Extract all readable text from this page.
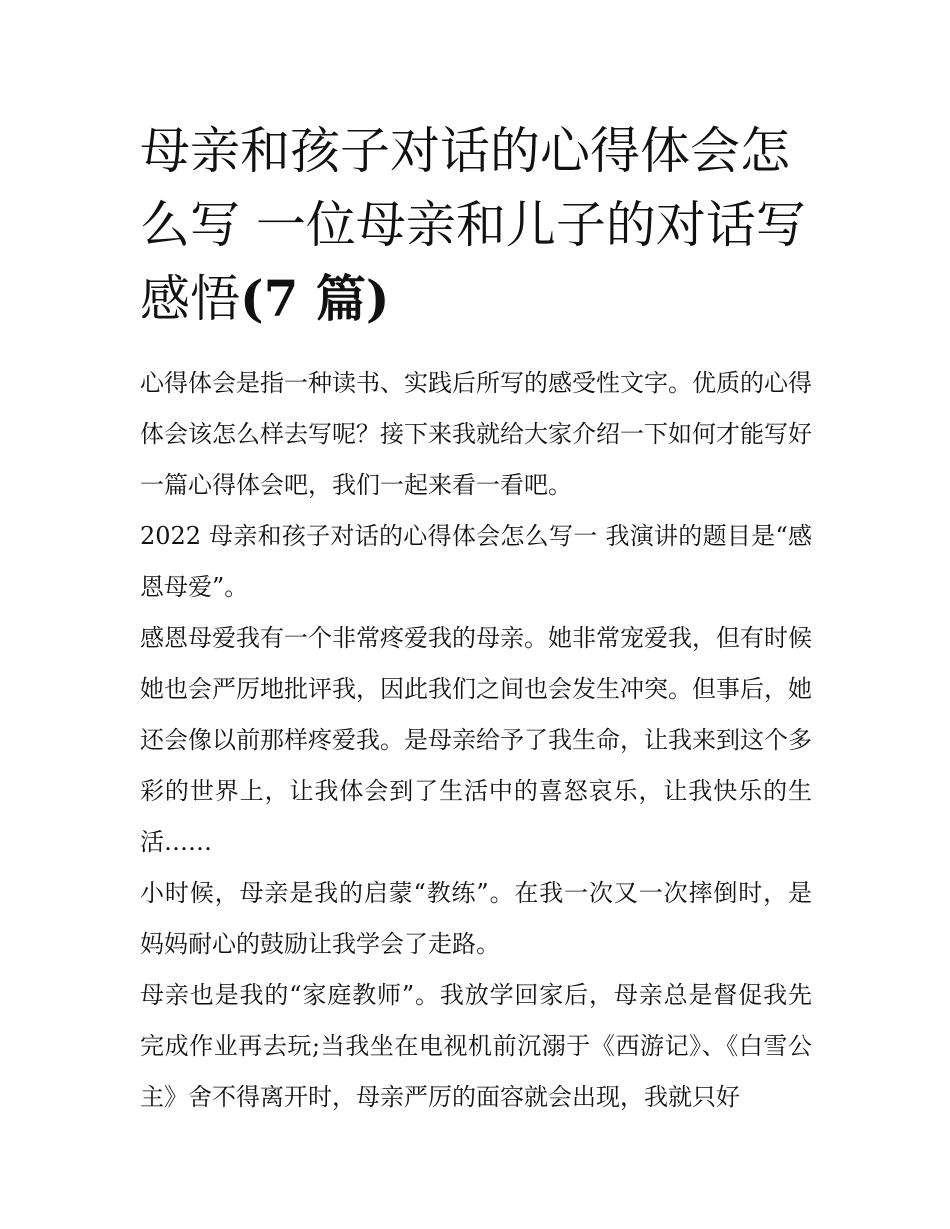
母亲和孩子对话的心得体会怎
么写 一位母亲和儿子的对话写
感悟(7 篇)

心得体会是指一种读书、实践后所写的感受性文字。优质的心得体会该怎么样去写呢？接下来我就给大家介绍一下如何才能写好一篇心得体会吧，我们一起来看一看吧。

2022 母亲和孩子对话的心得体会怎么写一 我演讲的题目是“感恩母爱”。

感恩母爱我有一个非常疼爱我的母亲。她非常宠爱我，但有时候她也会严厉地批评我，因此我们之间也会发生冲突。但事后，她还会像以前那样疼爱我。是母亲给予了我生命，让我来到这个多彩的世界上，让我体会到了生活中的喜怒哀乐，让我快乐的生活……

小时候，母亲是我的启蒙“教练”。在我一次又一次摔倒时，是妈妈耐心的鼓励让我学会了走路。

母亲也是我的“家庭教师”。我放学回家后，母亲总是督促我先完成作业再去玩;当我坐在电视机前沉溺于《西游记》、《白雪公主》舍不得离开时，母亲严厉的面容就会出现，我就只好
